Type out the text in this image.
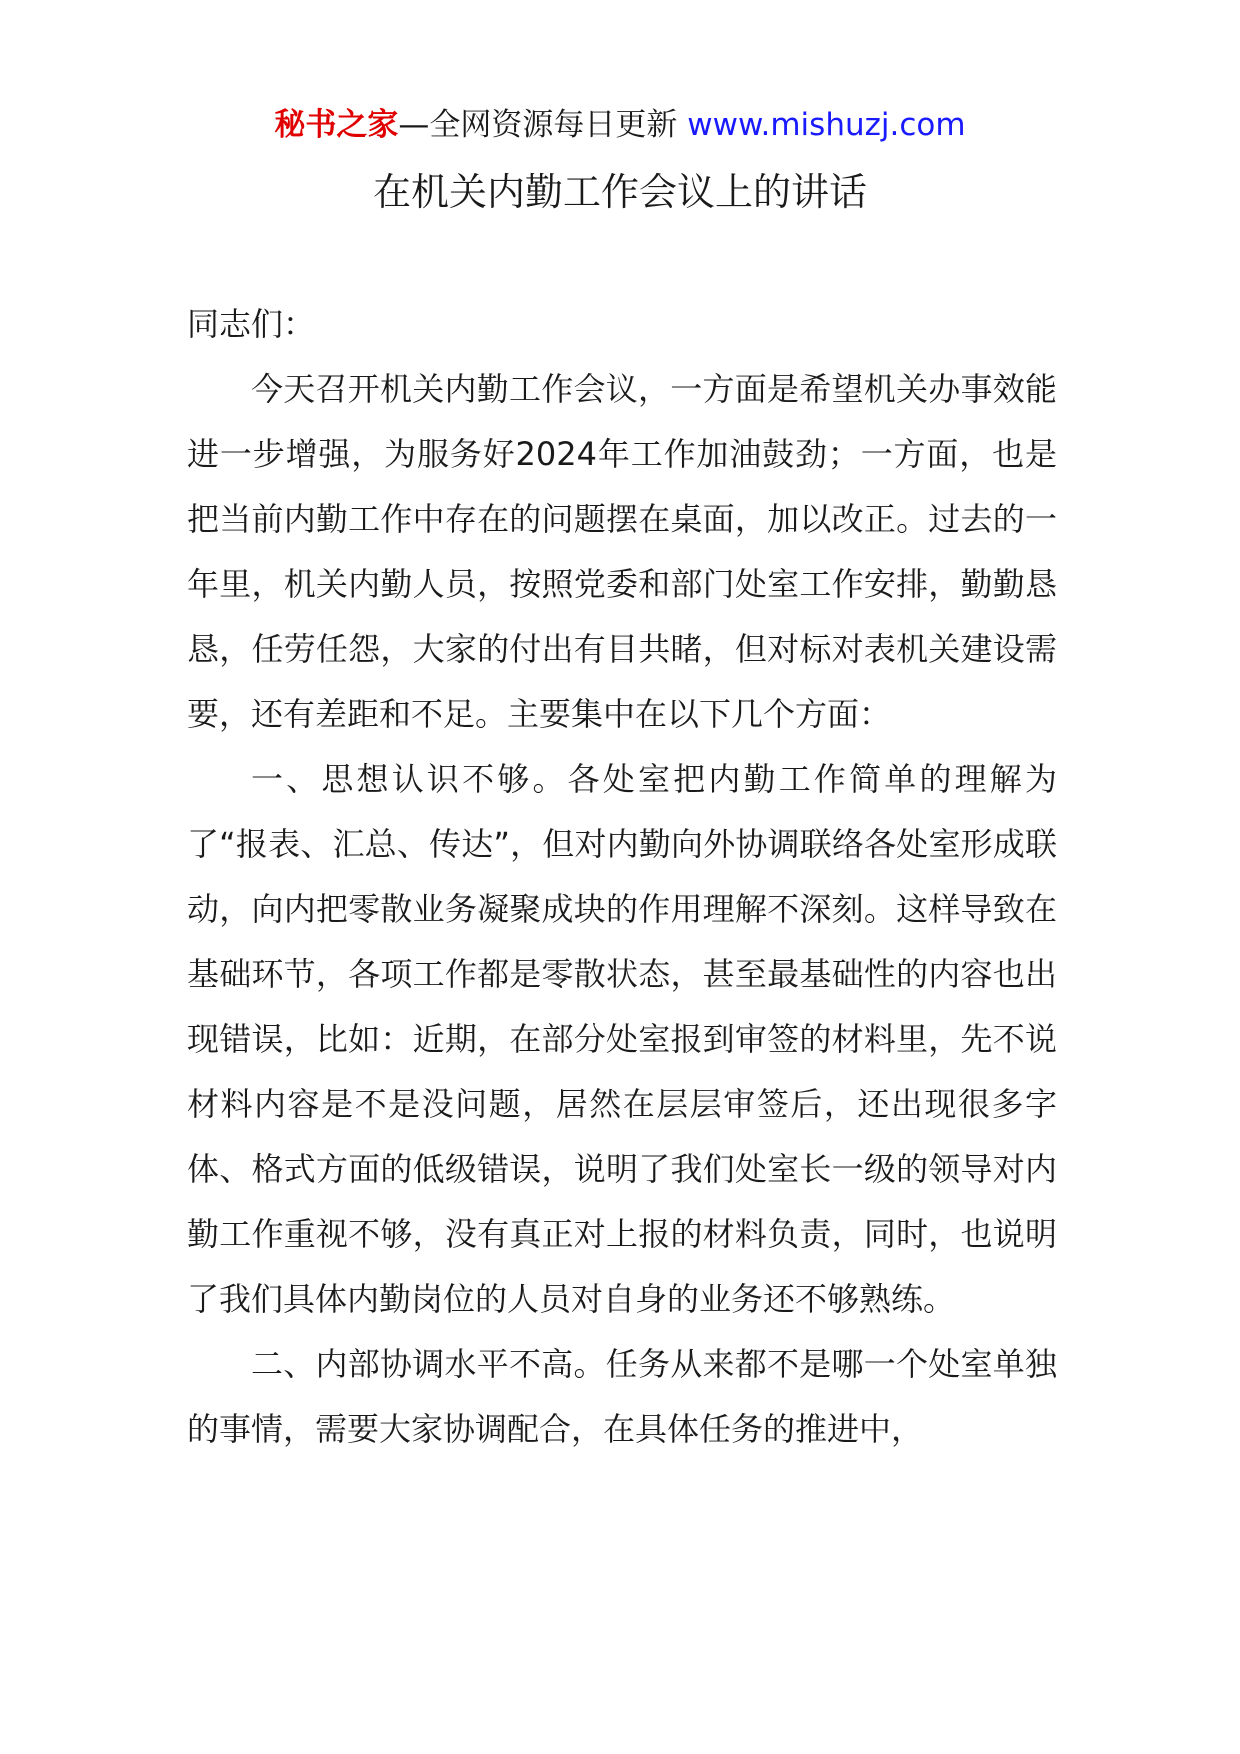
秘书之家—全网资源每日更新 www.mishuzj.com
在机关内勤工作会议上的讲话

同志们：

今天召开机关内勤工作会议，一方面是希望机关办事效能进一步增强，为服务好2024年工作加油鼓劲；一方面，也是把当前内勤工作中存在的问题摆在桌面，加以改正。过去的一年里，机关内勤人员，按照党委和部门处室工作安排，勤勤恳恳，任劳任怨，大家的付出有目共睹，但对标对表机关建设需要，还有差距和不足。主要集中在以下几个方面：

一、思想认识不够。各处室把内勤工作简单的理解为了“报表、汇总、传达”，但对内勤向外协调联络各处室形成联动，向内把零散业务凝聚成块的作用理解不深刻。这样导致在基础环节，各项工作都是零散状态，甚至最基础性的内容也出现错误，比如：近期，在部分处室报到审签的材料里，先不说材料内容是不是没问题，居然在层层审签后，还出现很多字体、格式方面的低级错误，说明了我们处室长一级的领导对内勤工作重视不够，没有真正对上报的材料负责，同时，也说明了我们具体内勤岗位的人员对自身的业务还不够熟练。

二、内部协调水平不高。任务从来都不是哪一个处室单独的事情，需要大家协调配合，在具体任务的推进中，
